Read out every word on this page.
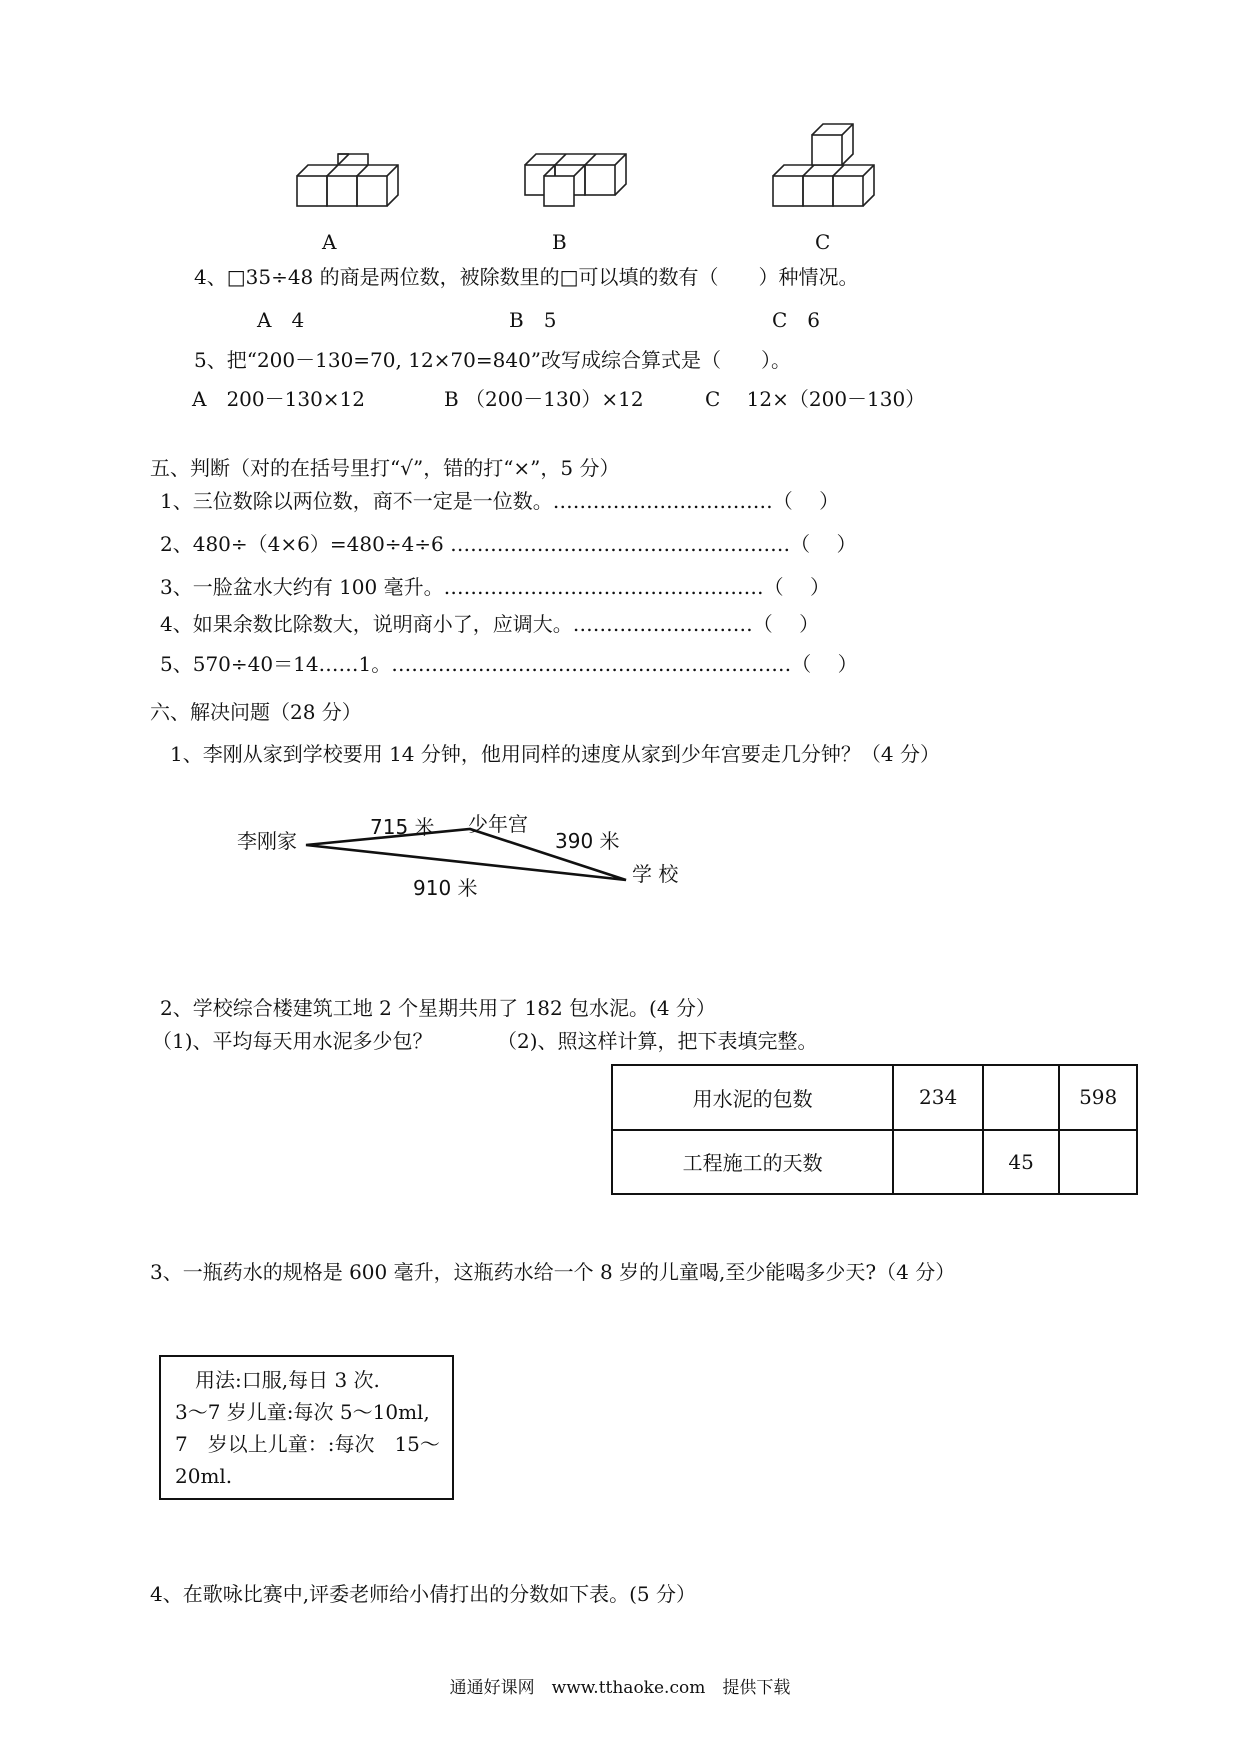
A	B	C
4、□35÷48 的商是两位数，被除数里的□可以填的数有（　　）种情况。
A　4	B　5	C　6
5、把“200－130=70, 12×70=840”改写成综合算式是（　　）。
A　200－130×12	B （200－130）×12	C　 12×（200－130）
五、判断（对的在括号里打“√”，错的打“×”，5 分）
1、三位数除以两位数，商不一定是一位数。……………………………（　 ）
2、480÷（4×6）=480÷4÷6 ……………………………………………（　 ）
3、一脸盆水大约有 100 毫升。…………………………………………（　 ）
4、如果余数比除数大，说明商小了，应调大。………………………（　 ）
5、570÷40＝14……1。……………………………………………………（　 ）
六、解决问题（28 分）
1、李刚从家到学校要用 14 分钟，他用同样的速度从家到少年宫要走几分钟？（4 分）
李刚家
少年宫
学 校
715 米
390 米
910 米
2、学校综合楼建筑工地 2 个星期共用了 182 包水泥。(4 分）
（1)、平均每天用水泥多少包？	（2)、照这样计算，把下表填完整。
用水泥的包数	234		598
工程施工的天数		45	
3、一瓶药水的规格是 600 毫升，这瓶药水给一个 8 岁的儿童喝,至少能喝多少天?（4 分）
　用法:口服,每日 3 次.
3～7 岁儿童:每次 5～10ml,
7　岁以上儿童：:每次　15～
20ml.
4、在歌咏比赛中,评委老师给小倩打出的分数如下表。(5 分）
通通好课网　www.tthaoke.com　提供下载
